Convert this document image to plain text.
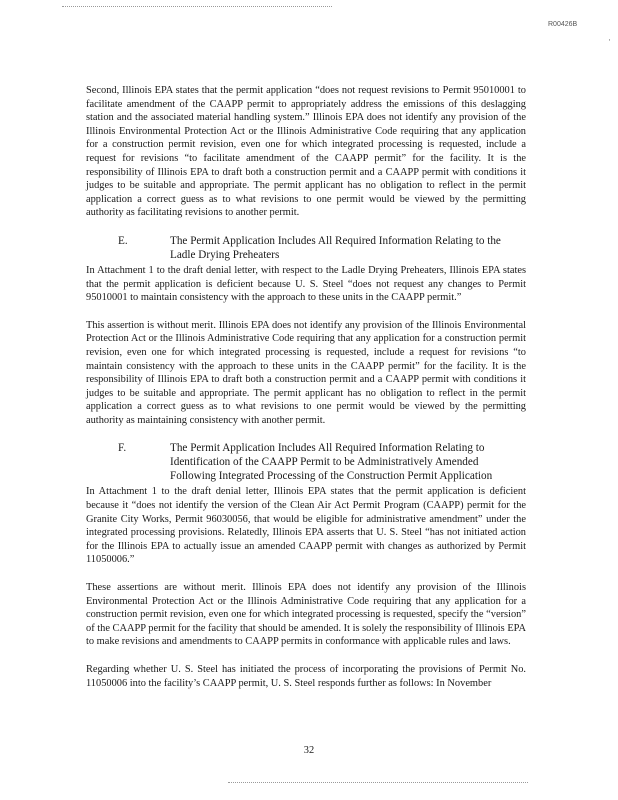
R00426B
·

Second, Illinois EPA states that the permit application “does not request revisions to Permit 95010001 to facilitate amendment of the CAAPP permit to appropriately address the emissions of this deslagging station and the associated material handling system.” Illinois EPA does not identify any provision of the Illinois Environmental Protection Act or the Illinois Administrative Code requiring that any application for a construction permit revision, even one for which integrated processing is requested, include a request for revisions “to facilitate amendment of the CAAPP permit” for the facility. It is the responsibility of Illinois EPA to draft both a construction permit and a CAAPP permit with conditions it judges to be suitable and appropriate. The permit applicant has no obligation to reflect in the permit application a correct guess as to what revisions to one permit would be viewed by the permitting authority as facilitating revisions to another permit.

E.	The Permit Application Includes All Required Information Relating to the Ladle Drying Preheaters

In Attachment 1 to the draft denial letter, with respect to the Ladle Drying Preheaters, Illinois EPA states that the permit application is deficient because U. S. Steel “does not request any changes to Permit 95010001 to maintain consistency with the approach to these units in the CAAPP permit.”

This assertion is without merit. Illinois EPA does not identify any provision of the Illinois Environmental Protection Act or the Illinois Administrative Code requiring that any application for a construction permit revision, even one for which integrated processing is requested, include a request for revisions “to maintain consistency with the approach to these units in the CAAPP permit” for the facility. It is the responsibility of Illinois EPA to draft both a construction permit and a CAAPP permit with conditions it judges to be suitable and appropriate. The permit applicant has no obligation to reflect in the permit application a correct guess as to what revisions to one permit would be viewed by the permitting authority as maintaining consistency with another permit.

F.	The Permit Application Includes All Required Information Relating to Identification of the CAAPP Permit to be Administratively Amended Following Integrated Processing of the Construction Permit Application

In Attachment 1 to the draft denial letter, Illinois EPA states that the permit application is deficient because it “does not identify the version of the Clean Air Act Permit Program (CAAPP) permit for the Granite City Works, Permit 96030056, that would be eligible for administrative amendment” under the integrated processing provisions. Relatedly, Illinois EPA asserts that U. S. Steel “has not initiated action for the Illinois EPA to actually issue an amended CAAPP permit with changes as authorized by Permit 11050006.”

These assertions are without merit. Illinois EPA does not identify any provision of the Illinois Environmental Protection Act or the Illinois Administrative Code requiring that any application for a construction permit revision, even one for which integrated processing is requested, specify the “version” of the CAAPP permit for the facility that should be amended. It is solely the responsibility of Illinois EPA to make revisions and amendments to CAAPP permits in conformance with applicable rules and laws.

Regarding whether U. S. Steel has initiated the process of incorporating the provisions of Permit No. 11050006 into the facility’s CAAPP permit, U. S. Steel responds further as follows: In November

32
